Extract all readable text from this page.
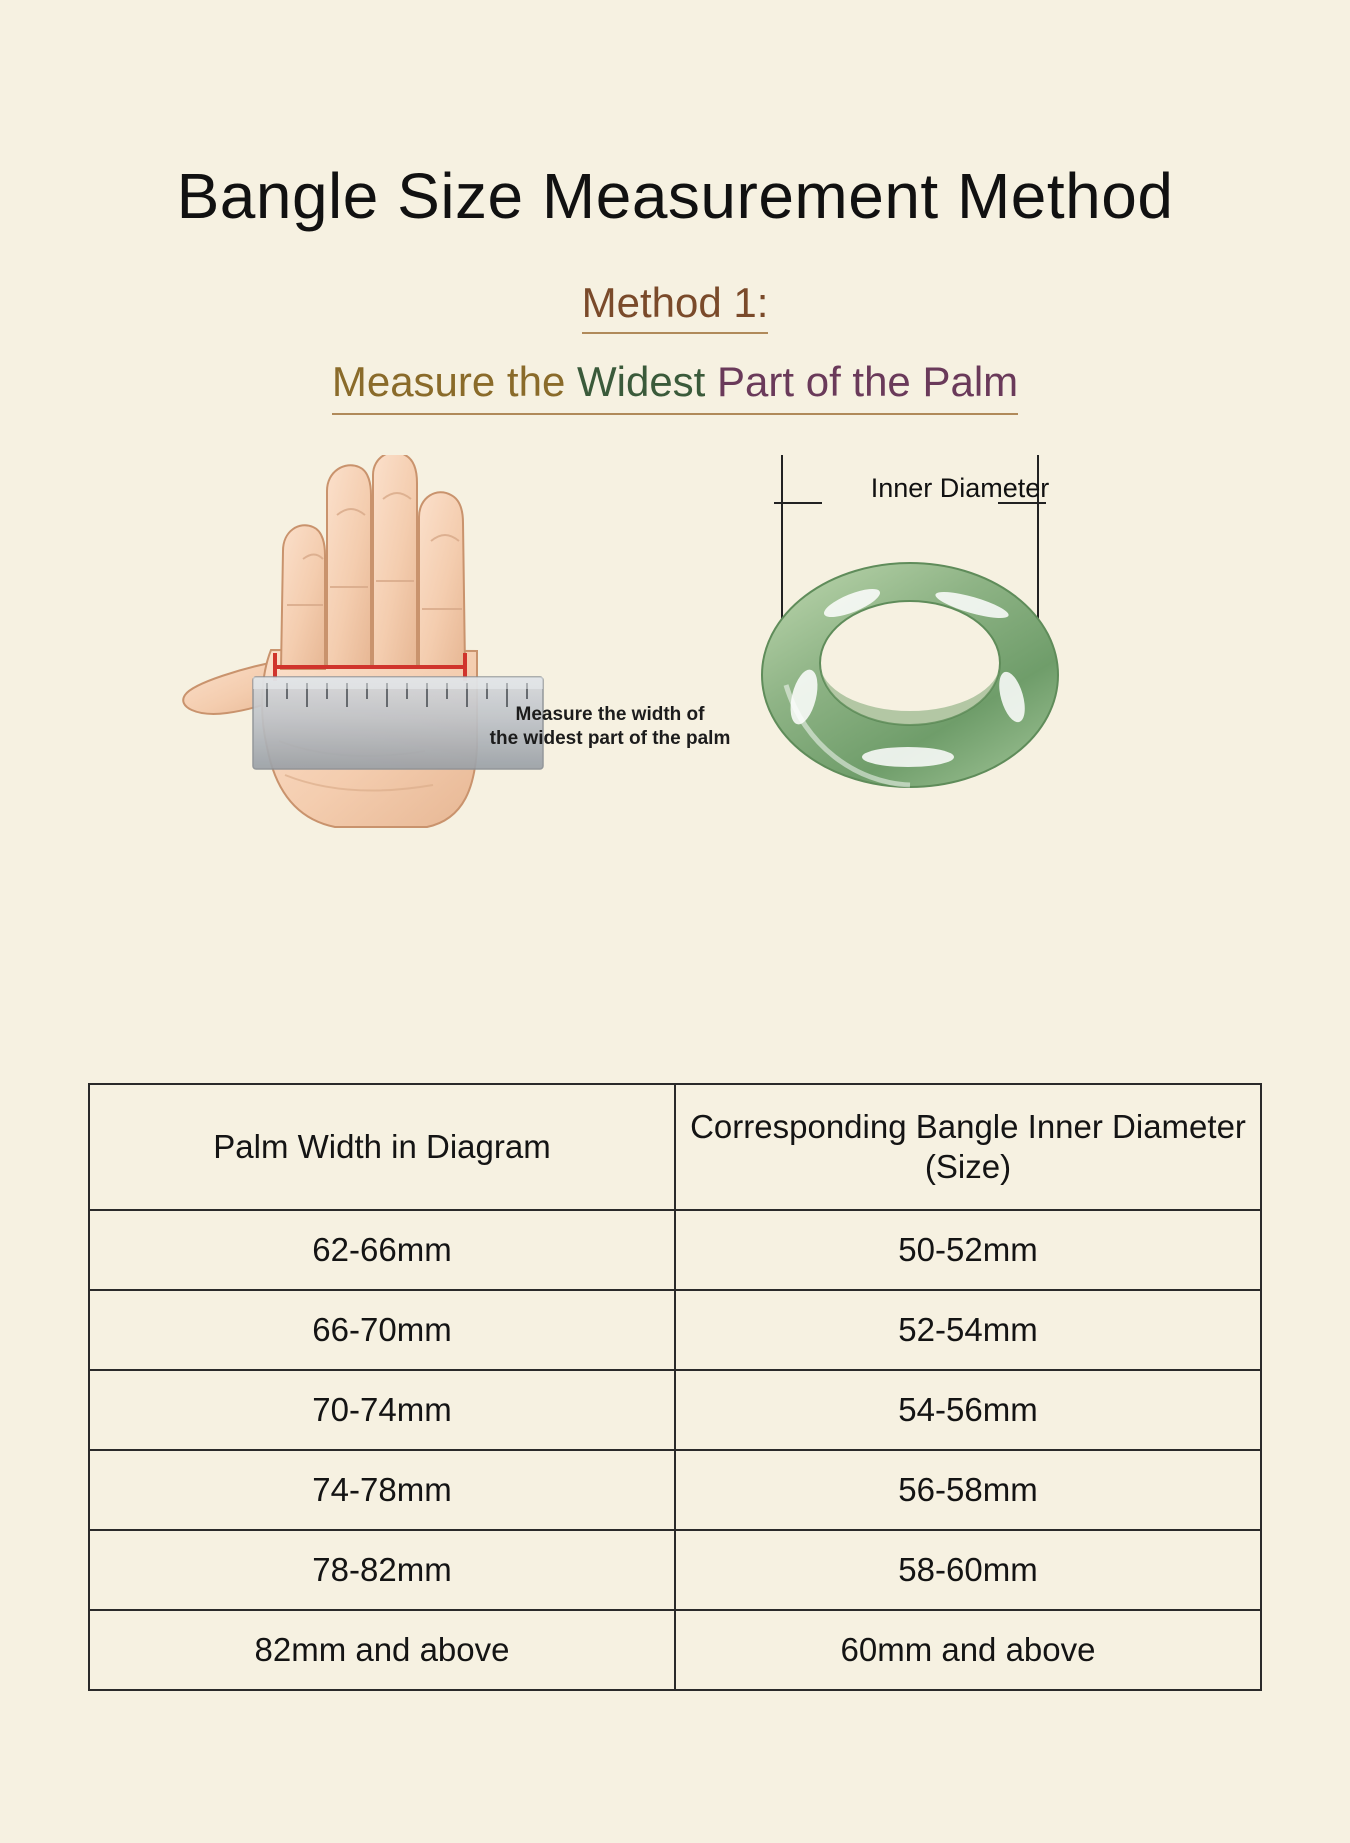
Bangle Size Measurement Method
Method 1:
Measure the Widest Part of the Palm
Measure the width of
the widest part of the palm
Inner Diameter
Palm Width in Diagram	Corresponding Bangle Inner Diameter (Size)
62-66mm	50-52mm
66-70mm	52-54mm
70-74mm	54-56mm
74-78mm	56-58mm
78-82mm	58-60mm
82mm and above	60mm and above
